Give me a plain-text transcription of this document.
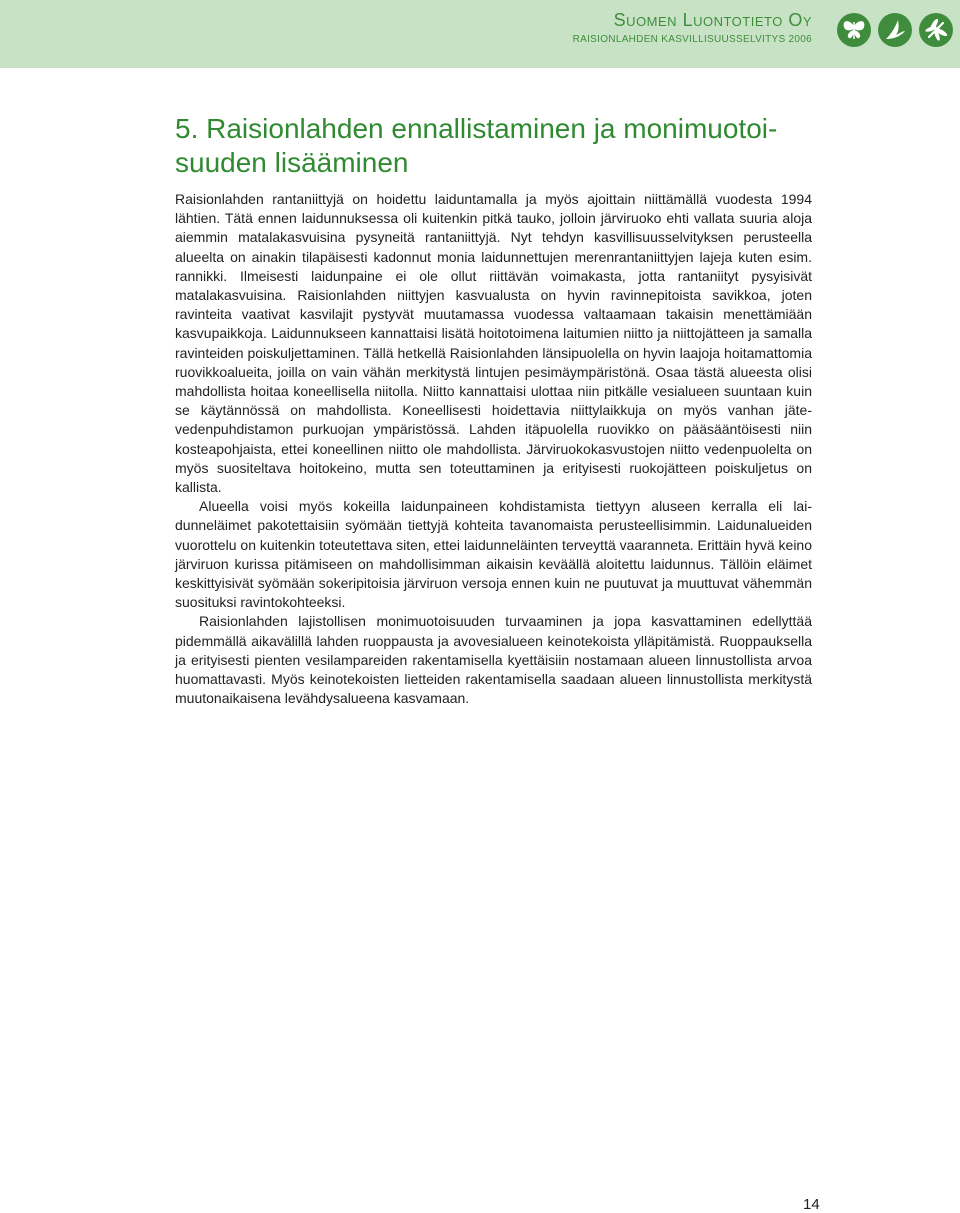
Suomen Luontotieto Oy
RAISIONLAHDEN KASVILLISUUSSELVITYS 2006
5. Raisionlahden ennallistaminen ja monimuotoi-
suuden lisääminen

Raisionlahden rantaniittyjä on hoidettu laiduntamalla ja myös ajoittain niittämällä vuodesta 1994 lähtien. Tätä ennen laidunnuksessa oli kuitenkin pitkä tauko, jolloin järviruoko ehti vallata suuria aloja aiemmin matalakasvuisina pysyneitä rantaniittyjä. Nyt tehdyn kasvillisuusselvityksen perusteella alueelta on ainakin tilapäisesti kadonnut monia laidunnettujen merenrantaniittyjen lajeja kuten esim. rannikki. Ilmeisesti laidunpaine ei ole ollut riittävän voimakasta, jotta rantaniityt pysyisivät matalakasvuisina. Raisionlahden niittyjen kasvualusta on hyvin ravinnepitoista savikkoa, joten ravinteita vaativat kasvilajit pystyvät muutamassa vuodessa valtaamaan takaisin menettämiään kasvupaikkoja. Laidunnukseen kannattaisi lisätä hoitotoimena laitumien niitto ja niittojätteen ja samalla ravinteiden poiskuljettaminen. Tällä hetkellä Raisionlahden länsipuolella on hyvin laajoja hoitamattomia ruovikkoalueita, joilla on vain vähän merkitystä lintujen pesimäympäristönä. Osaa tästä alueesta olisi mahdollista hoitaa koneellisella niitolla. Niitto kannattaisi ulottaa niin pitkälle vesialueen suuntaan kuin se käytännössä on mahdollista. Koneellisesti hoidettavia niittylaikkuja on myös vanhan jätevedenpuhdistamon purkuojan ympäristössä. Lahden itäpuolella ruovikko on pääsääntöisesti niin kosteapohjaista, ettei koneellinen niitto ole mahdollista. Järviruokokasvustojen niitto vedenpuolelta on myös suositeltava hoitokeino, mutta sen toteuttaminen ja erityisesti ruokojätteen poiskuljetus on kallista.

Alueella voisi myös kokeilla laidunpaineen kohdistamista tiettyyn aluseen kerralla eli laidunneläimet pakotettaisiin syömään tiettyjä kohteita tavanomaista perusteellisimmin. Laidunalueiden vuorottelu on kuitenkin toteutettava siten, ettei laidunneläinten terveyttä vaaranneta. Erittäin hyvä keino järviruon kurissa pitämiseen on mahdollisimman aikaisin keväällä aloitettu laidunnus. Tällöin eläimet keskittyisivät syömään sokeripitoisia järviruon versoja ennen kuin ne puutuvat ja muuttuvat vähemmän suosituksi ravintokohteeksi.

Raisionlahden lajistollisen monimuotoisuuden turvaaminen ja jopa kasvattaminen edellyttää pidemmällä aikavälillä lahden ruoppausta ja avovesialueen keinotekoista ylläpitämistä. Ruoppauksella ja erityisesti pienten vesilampareiden rakentamisella kyettäisiin nostamaan alueen linnustollista arvoa huomattavasti. Myös keinotekoisten lietteiden rakentamisella saadaan alueen linnustollista merkitystä muutonaikaisena levähdysalueena kasvamaan.

14
